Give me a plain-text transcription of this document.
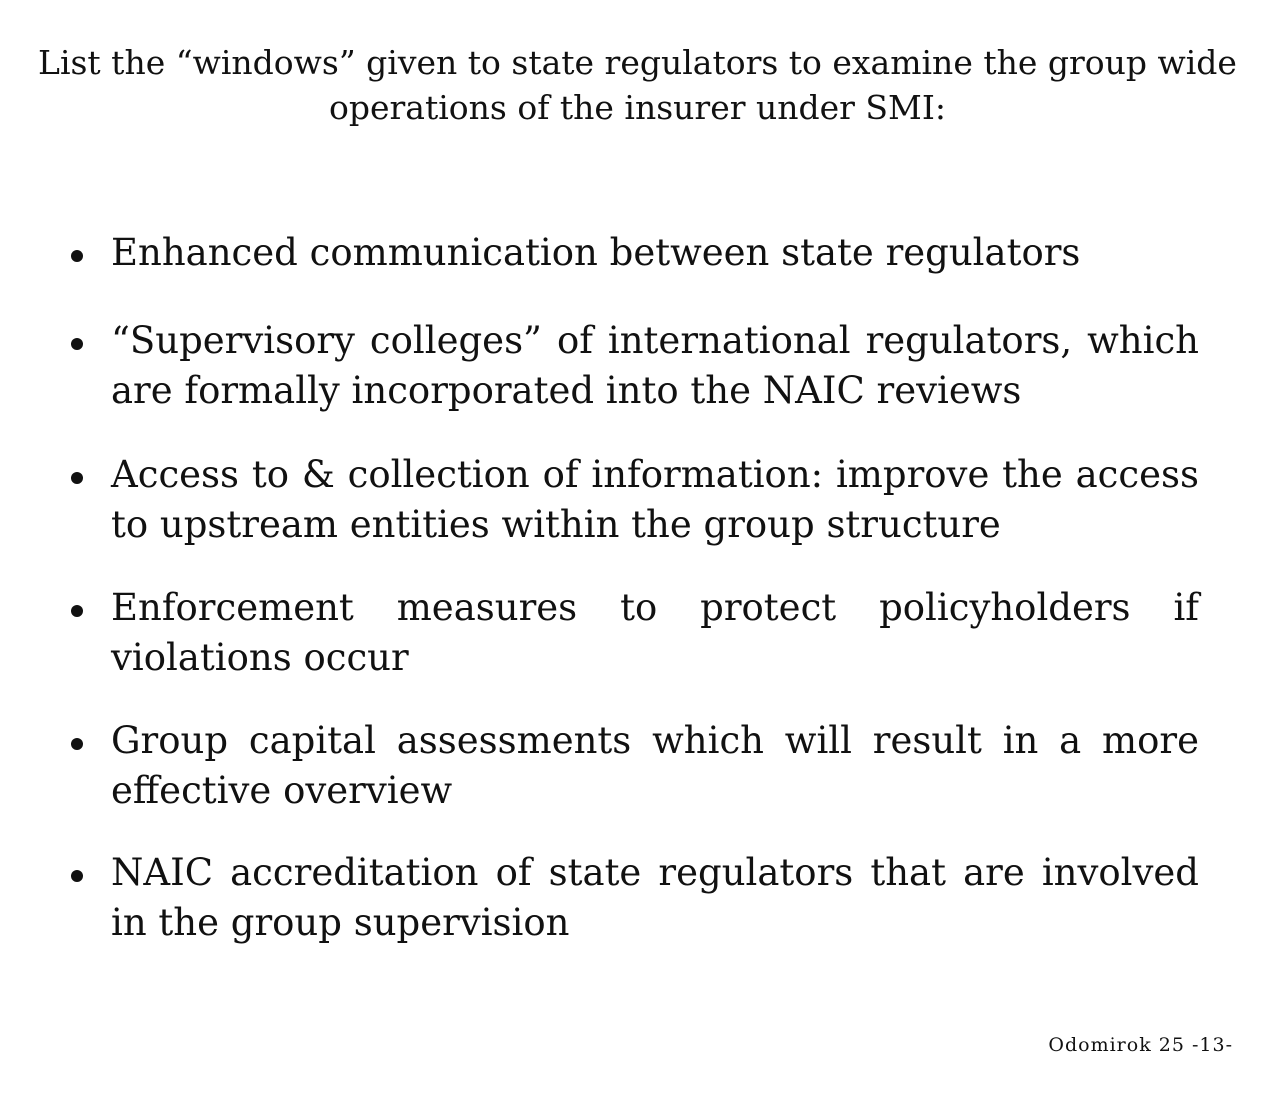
List the “windows” given to state regulators to examine the group wide operations of the insurer under SMI:

Enhanced communication between state regulators

“Supervisory colleges” of international regulators, which are formally incorporated into the NAIC reviews

Access to & collection of information: improve the access to upstream entities within the group structure

Enforcement measures to protect policyholders if violations occur

Group capital assessments which will result in a more effective overview

NAIC accreditation of state regulators that are involved in the group supervision

Odomirok 25 -13-
